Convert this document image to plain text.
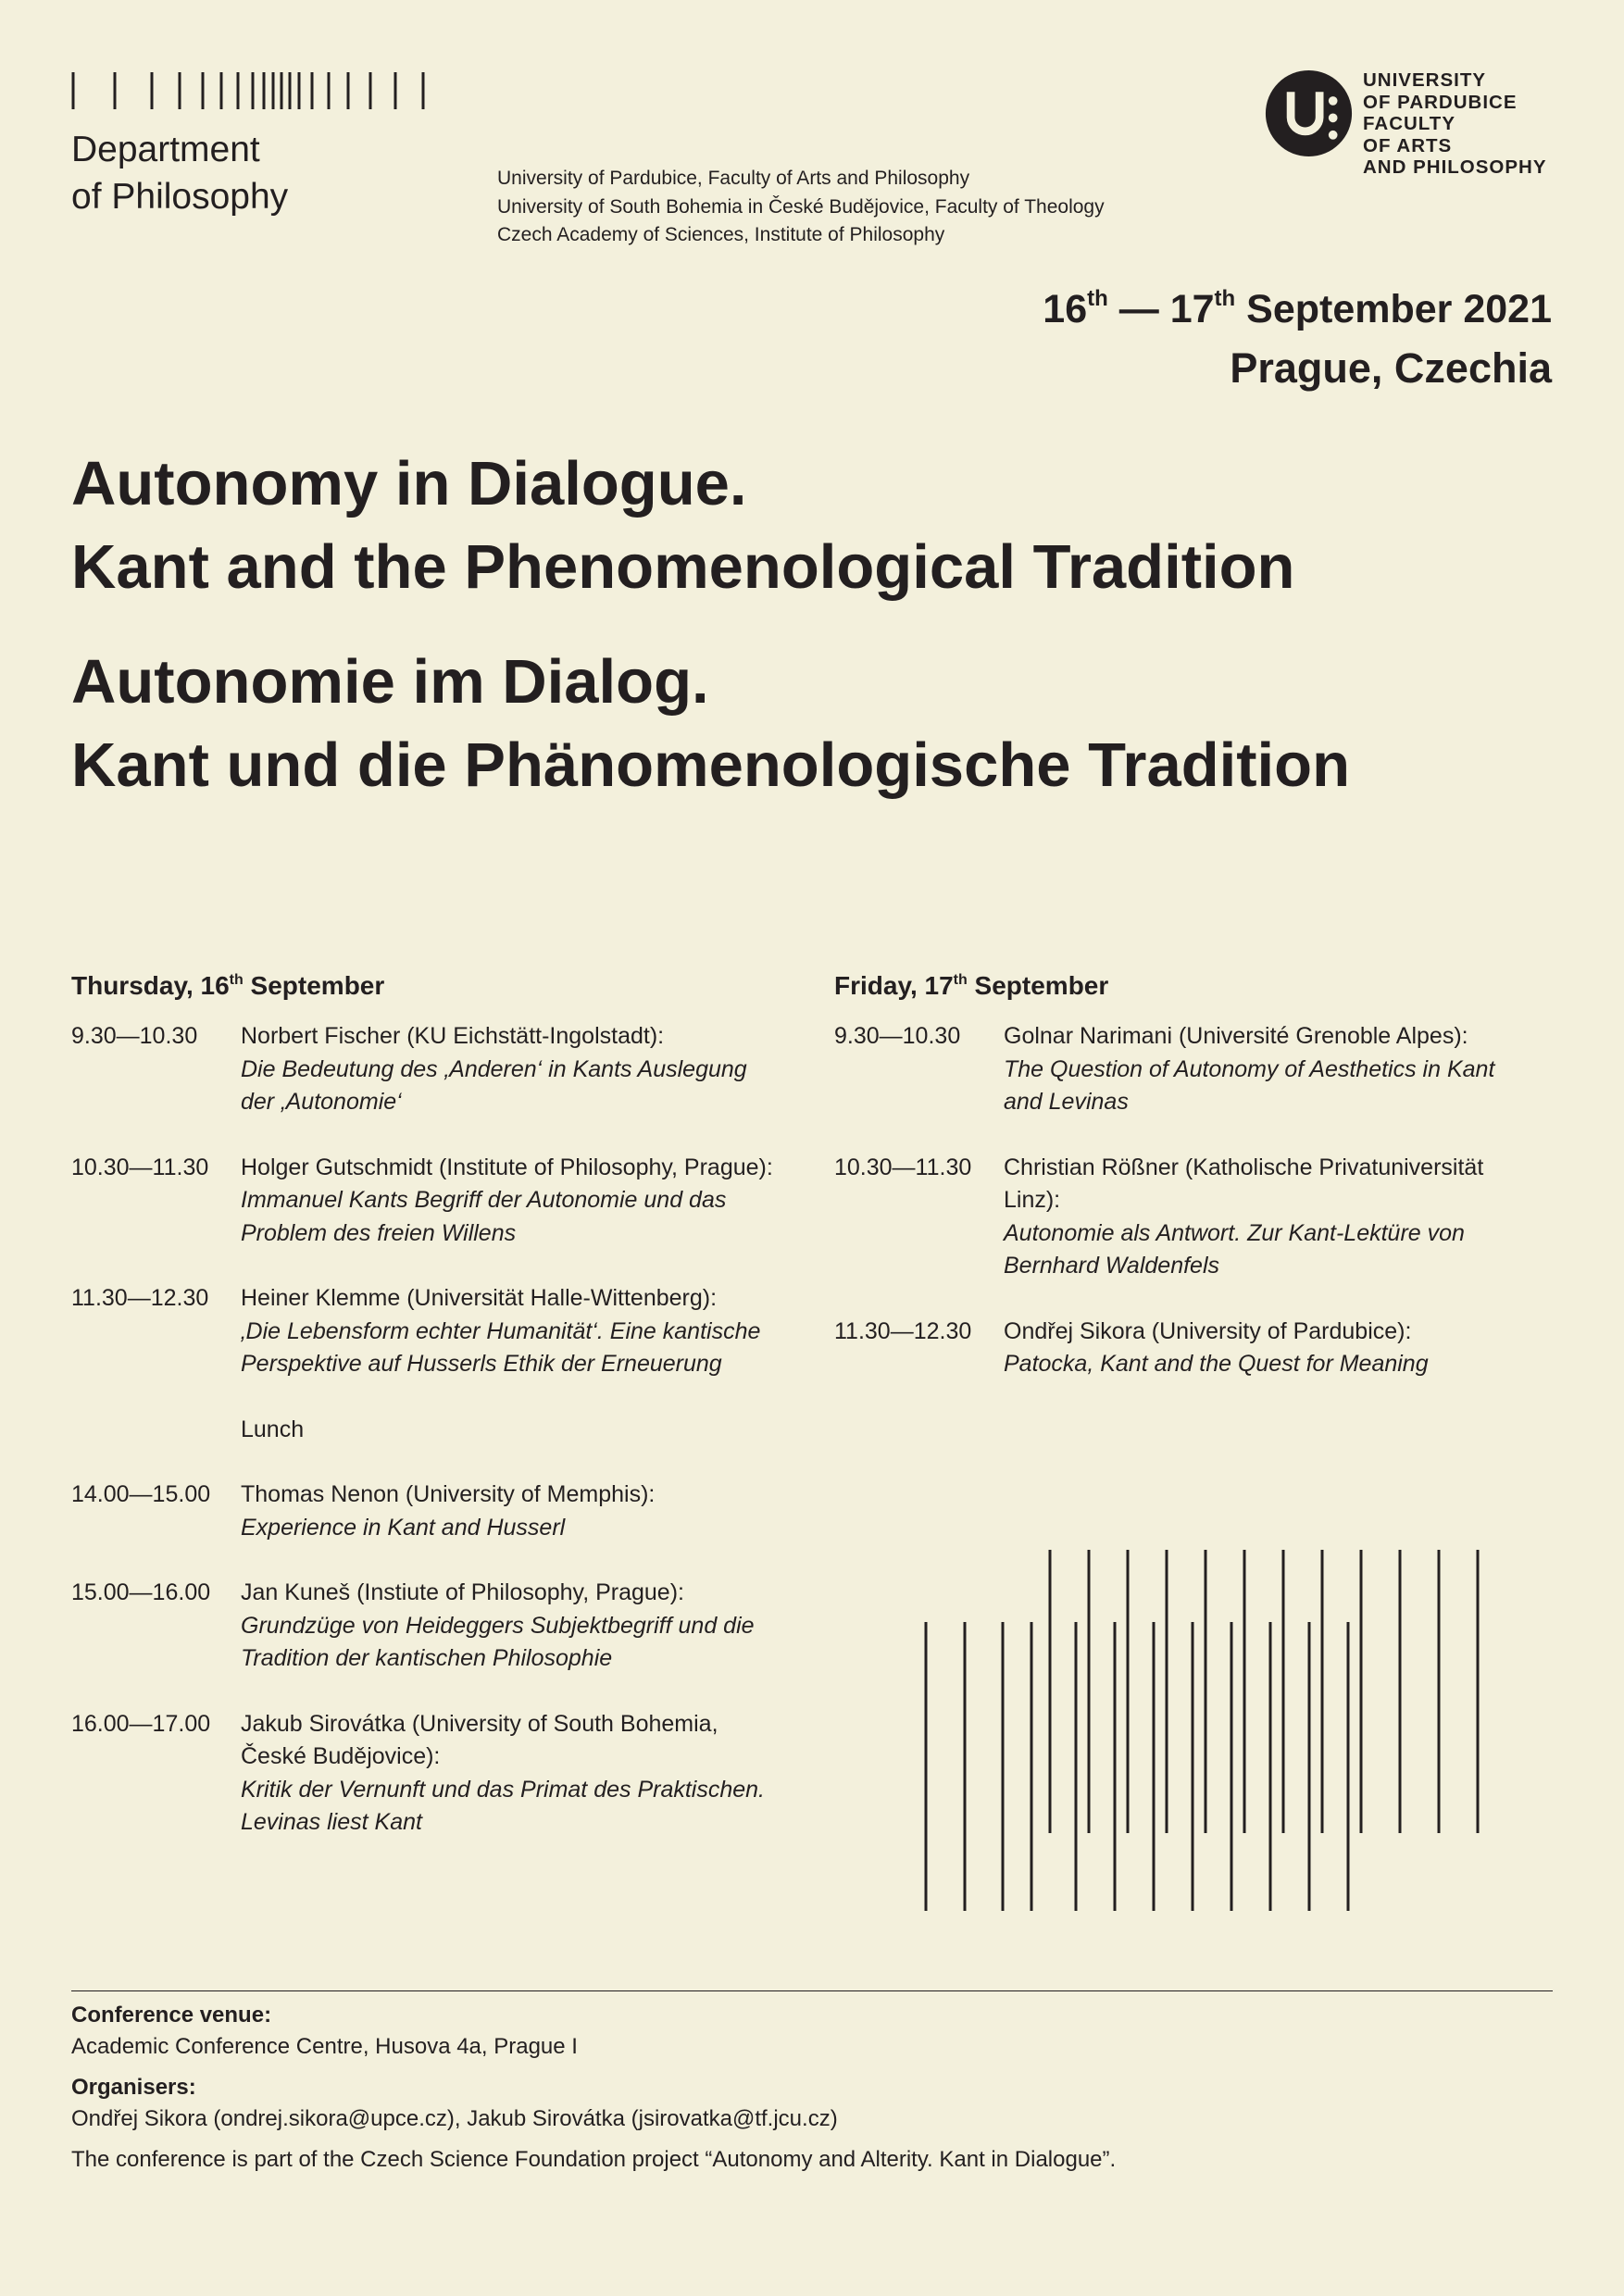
Department
of Philosophy	University of Pardubice, Faculty of Arts and Philosophy
University of South Bohemia in České Budějovice, Faculty of Theology
Czech Academy of Sciences, Institute of Philosophy
UNIVERSITY
OF PARDUBICE
FACULTY
OF ARTS
AND PHILOSOPHY
16th — 17th September 2021
Prague, Czechia
Autonomy in Dialogue.
Kant and the Phenomenological Tradition
Autonomie im Dialog.
Kant und die Phänomenologische Tradition
Thursday, 16th September
9.30—10.30	Norbert Fischer (KU Eichstätt-Ingolstadt):
Die Bedeutung des ‚Anderen‘ in Kants Auslegung der ‚Autonomie‘
10.30—11.30	Holger Gutschmidt (Institute of Philosophy, Prague):
Immanuel Kants Begriff der Autonomie und das Problem des freien Willens
11.30—12.30	Heiner Klemme (Universität Halle-Wittenberg):
‚Die Lebensform echter Humanität‘. Eine kantische Perspektive auf Husserls Ethik der Erneuerung
Lunch
14.00—15.00	Thomas Nenon (University of Memphis):
Experience in Kant and Husserl
15.00—16.00	Jan Kuneš (Instiute of Philosophy, Prague):
Grundzüge von Heideggers Subjektbegriff und die Tradition der kantischen Philosophie
16.00—17.00	Jakub Sirovátka (University of South Bohemia, České Budějovice):
Kritik der Vernunft und das Primat des Praktischen. Levinas liest Kant
Friday, 17th September
9.30—10.30	Golnar Narimani (Université Grenoble Alpes):
The Question of Autonomy of Aesthetics in Kant and Levinas
10.30—11.30	Christian Rößner (Katholische Privatuniversität Linz):
Autonomie als Antwort. Zur Kant-Lektüre von Bernhard Waldenfels
11.30—12.30	Ondřej Sikora (University of Pardubice):
Patocka, Kant and the Quest for Meaning
Conference venue:
Academic Conference Centre, Husova 4a, Prague I
Organisers:
Ondřej Sikora (ondrej.sikora@upce.cz), Jakub Sirovátka (jsirovatka@tf.jcu.cz)
The conference is part of the Czech Science Foundation project “Autonomy and Alterity. Kant in Dialogue”.
